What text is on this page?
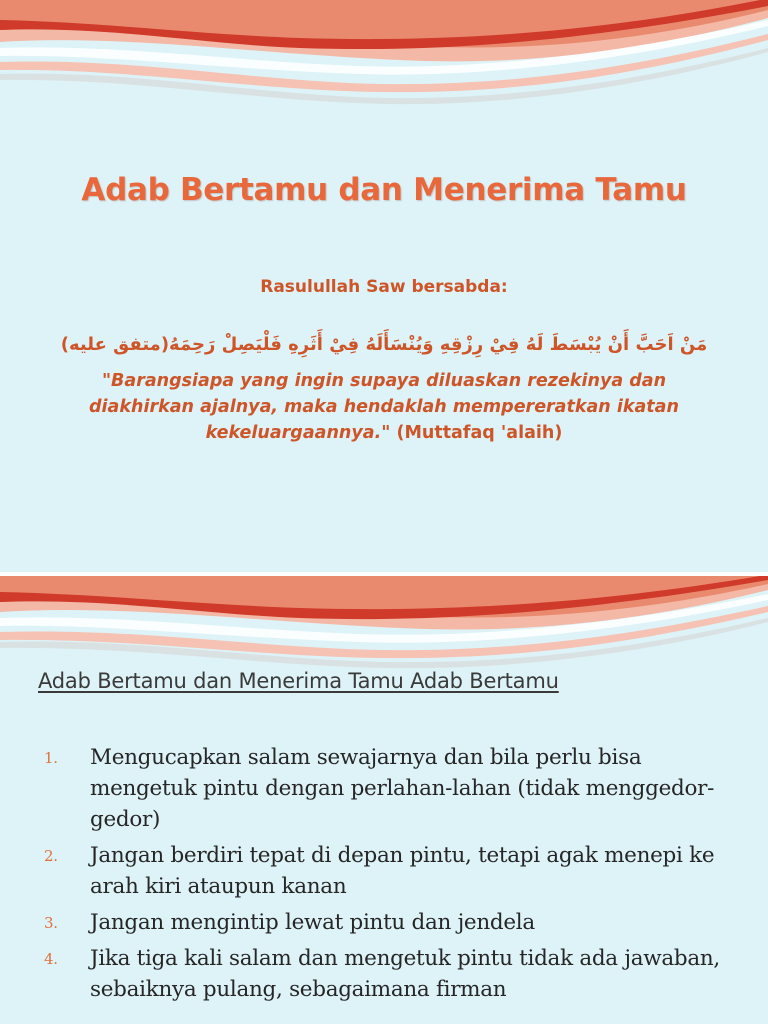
Adab Bertamu dan Menerima Tamu
Rasulullah Saw bersabda:
مَنْ اَحَبَّ أَنْ يُبْسَطَ لَهُ فِيْ رِزْقِهِ وَيُنْسَأَلَهُ فِيْ أَثَرِهِ فَلْيَصِلْ رَحِمَهُ(متفق عليه)
"Barangsiapa yang ingin supaya diluaskan rezekinya dan diakhirkan ajalnya, maka hendaklah mempereratkan ikatan kekeluargaannya." (Muttafaq 'alaih)
Adab Bertamu dan Menerima Tamu Adab Bertamu
1. Mengucapkan salam sewajarnya dan bila perlu bisa mengetuk pintu dengan perlahan-lahan (tidak menggedor-gedor)
2. Jangan berdiri tepat di depan pintu, tetapi agak menepi ke arah kiri ataupun kanan
3. Jangan mengintip lewat pintu dan jendela
4. Jika tiga kali salam dan mengetuk pintu tidak ada jawaban, sebaiknya pulang, sebagaimana firman
